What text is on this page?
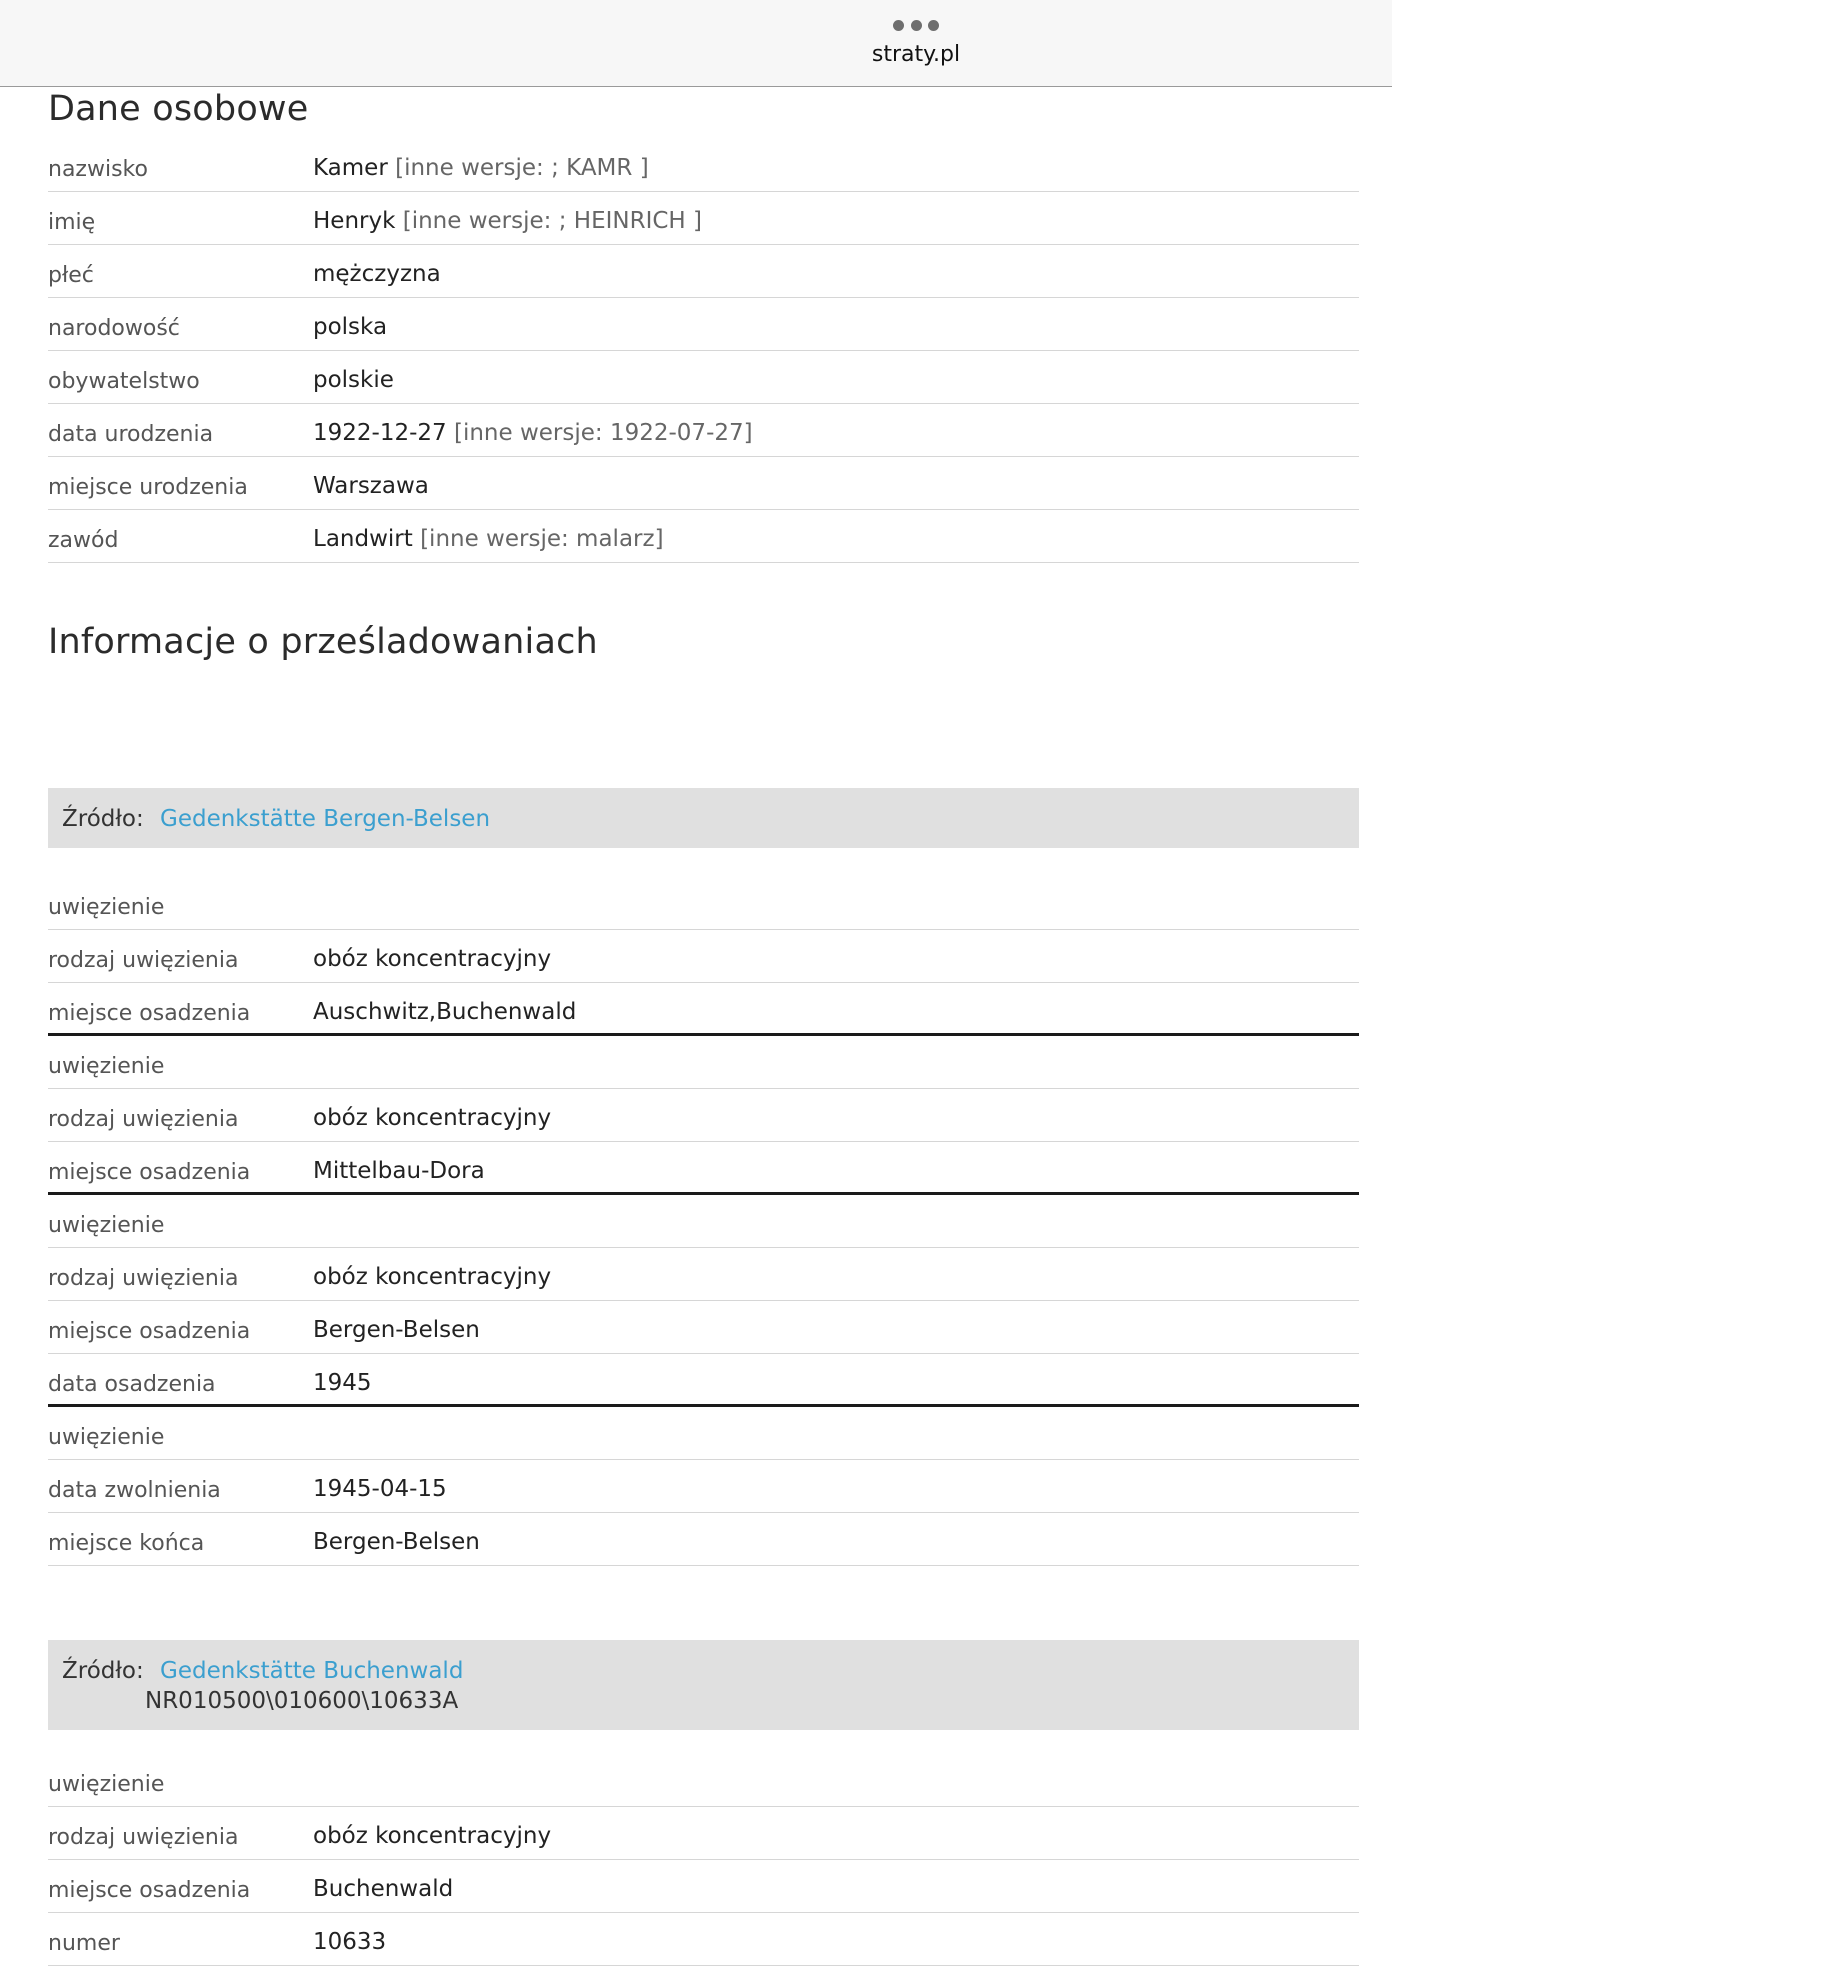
straty.pl
Dane osobowe
nazwisko	Kamer [inne wersje: ; KAMR ]
imię	Henryk [inne wersje: ; HEINRICH ]
płeć	mężczyzna
narodowość	polska
obywatelstwo	polskie
data urodzenia	1922-12-27 [inne wersje: 1922-07-27]
miejsce urodzenia	Warszawa
zawód	Landwirt [inne wersje: malarz]
Informacje o prześladowaniach
Źródło: Gedenkstätte Bergen-Belsen
uwięzienie
rodzaj uwięzienia	obóz koncentracyjny
miejsce osadzenia	Auschwitz,Buchenwald
uwięzienie
rodzaj uwięzienia	obóz koncentracyjny
miejsce osadzenia	Mittelbau-Dora
uwięzienie
rodzaj uwięzienia	obóz koncentracyjny
miejsce osadzenia	Bergen-Belsen
data osadzenia	1945
uwięzienie
data zwolnienia	1945-04-15
miejsce końca	Bergen-Belsen
Źródło: Gedenkstätte Buchenwald
NR010500\010600\10633A
uwięzienie
rodzaj uwięzienia	obóz koncentracyjny
miejsce osadzenia	Buchenwald
numer	10633
